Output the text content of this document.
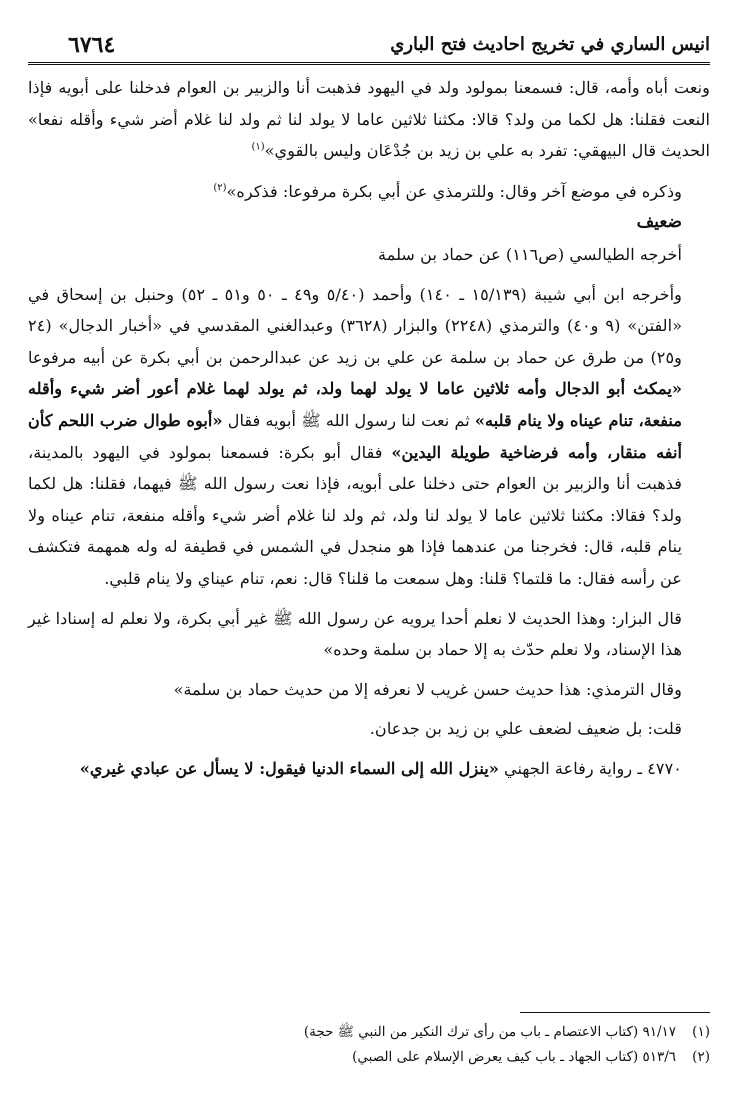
٦٧٦٤	انيس الساري في تخريج احاديث فتح الباري

ونعت أباه وأمه، قال: فسمعنا بمولود ولد في اليهود فذهبت أنا والزبير بن العوام فدخلنا على أبويه فإذا النعت فقلنا: هل لكما من ولد؟ قالا: مكثنا ثلاثين عاما لا يولد لنا ثم ولد لنا غلام أضر شيء وأقله نفعا» الحديث قال البيهقي: تفرد به علي بن زيد بن جُدْعَان وليس بالقوي»$^{(١)}$

وذكره في موضع آخر وقال: وللترمذي عن أبي بكرة مرفوعا: فذكره»$^{(٢)}$

ضعيف

أخرجه الطيالسي (ص١١٦) عن حماد بن سلمة

وأخرجه ابن أبي شيبة (١٥/١٣٩ ـ ١٤٠) وأحمد (٥/٤٠ و٤٩ ـ ٥٠ و٥١ ـ ٥٢) وحنبل بن إسحاق في «الفتن» (٩ و٤٠) والترمذي (٢٢٤٨) والبزار (٣٦٢٨) وعبدالغني المقدسي في «أخبار الدجال» (٢٤ و٢٥) من طرق عن حماد بن سلمة عن علي بن زيد عن عبدالرحمن بن أبي بكرة عن أبيه مرفوعا «يمكث أبو الدجال وأمه ثلاثين عاما لا يولد لهما ولد، ثم يولد لهما غلام أعور أضر شيء وأقله منفعة، تنام عيناه ولا ينام قلبه» ثم نعت لنا رسول الله ﷺ أبويه فقال «أبوه طوال ضرب اللحم كأن أنفه منقار، وأمه فرضاخية طويلة اليدين» فقال أبو بكرة: فسمعنا بمولود في اليهود بالمدينة، فذهبت أنا والزبير بن العوام حتى دخلنا على أبويه، فإذا نعت رسول الله ﷺ فيهما، فقلنا: هل لكما ولد؟ فقالا: مكثنا ثلاثين عاما لا يولد لنا ولد، ثم ولد لنا غلام أضر شيء وأقله منفعة، تنام عيناه ولا ينام قلبه، قال: فخرجنا من عندهما فإذا هو منجدل في الشمس في قطيفة له وله همهمة فتكشف عن رأسه فقال: ما قلتما؟ قلنا: وهل سمعت ما قلنا؟ قال: نعم، تنام عيناي ولا ينام قلبي.

قال البزار: وهذا الحديث لا نعلم أحدا يرويه عن رسول الله ﷺ غير أبي بكرة، ولا نعلم له إسنادا غير هذا الإسناد، ولا نعلم حدّث به إلا حماد بن سلمة وحده»

وقال الترمذي: هذا حديث حسن غريب لا نعرفه إلا من حديث حماد بن سلمة»

قلت: بل ضعيف لضعف علي بن زيد بن جدعان.

٤٧٧٠ ـ رواية رفاعة الجهني «ينزل الله إلى السماء الدنيا فيقول: لا يسأل عن عبادي غيري»

(١)
٩١/١٧ (كتاب الاعتصام ـ باب من رأى ترك النكير من النبي ﷺ حجة)
(٢)
٥١٣/٦ (كتاب الجهاد ـ باب كيف يعرض الإسلام على الصبي)
